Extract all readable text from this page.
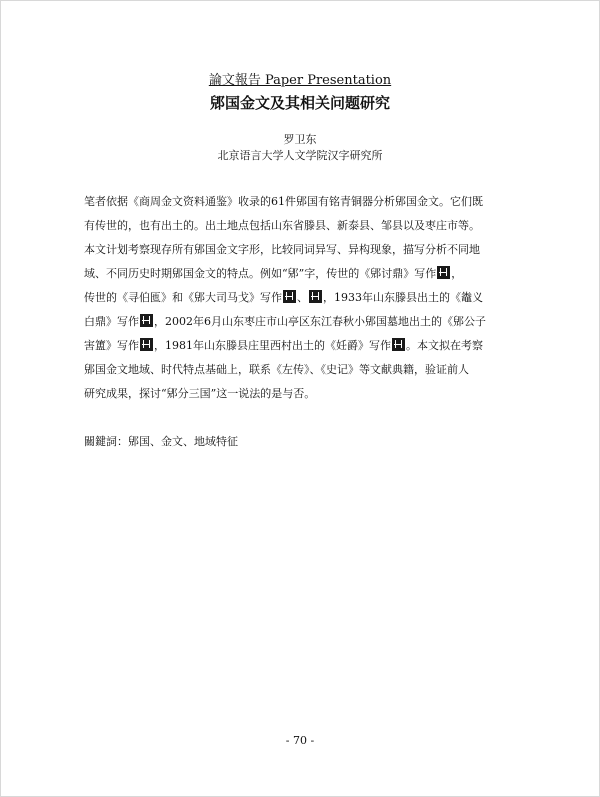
論文報告 Paper Presentation
郳国金文及其相关问题研究
罗卫东
北京语言大学人文学院汉字研究所
笔者依据《商周金文资料通鉴》收录的61件郳国有铭青铜器分析郳国金文。它们既
有传世的，也有出土的。出土地点包括山东省滕县、新泰县、邹县以及枣庄市等。
本文计划考察现存所有郳国金文字形，比较同词异写、异构现象，描写分析不同地
域、不同历史时期郳国金文的特点。例如“郳”字，传世的《郳讨鼎》写作 ，
传世的《寻伯匜》和《郳大司马戈》写作 、 ，1933年山东滕县出土的《鼄义
白鼎》写作 ，2002年6月山东枣庄市山亭区东江春秋小郳国墓地出土的《郳公子
害簠》写作 ，1981年山东滕县庄里西村出土的《妊爵》写作 。本文拟在考察
郳国金文地域、时代特点基础上，联系《左传》、《史记》等文献典籍，验证前人
研究成果，探讨“郳分三国”这一说法的是与否。
關鍵詞：郳国、金文、地域特征
- 70 -
